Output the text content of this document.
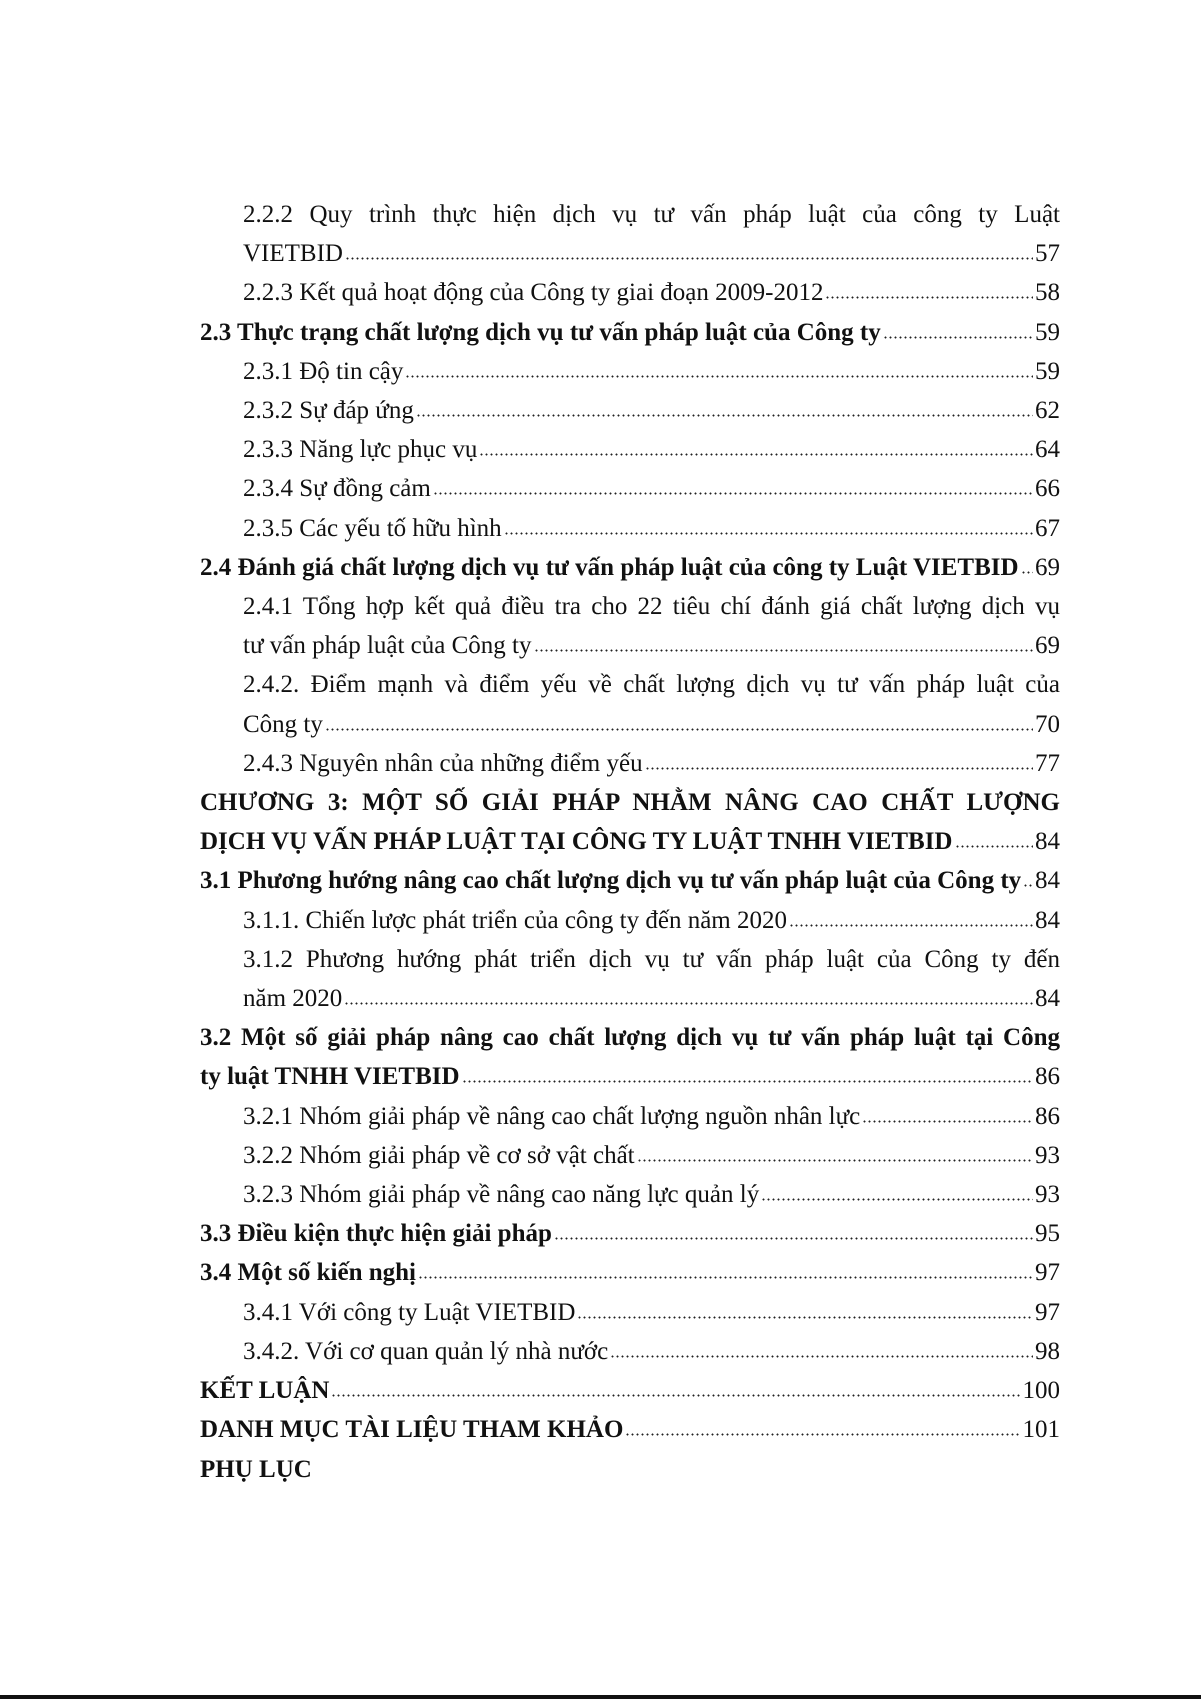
2.2.2 Quy trình thực hiện dịch vụ tư vấn pháp luật của công ty Luật
VIETBID	57
2.2.3 Kết quả hoạt động của Công ty giai đoạn 2009-2012	58
2.3 Thực trạng chất lượng dịch vụ tư vấn pháp luật của Công ty	59
2.3.1 Độ tin cậy	59
2.3.2 Sự đáp ứng	62
2.3.3 Năng lực phục vụ	64
2.3.4 Sự đồng cảm	66
2.3.5 Các yếu tố hữu hình	67
2.4 Đánh giá chất lượng dịch vụ tư vấn pháp luật của công ty Luật VIETBID 69
2.4.1 Tổng hợp kết quả điều tra cho 22 tiêu chí đánh giá chất lượng dịch vụ
tư vấn pháp luật của Công ty	69
2.4.2. Điểm mạnh và điểm yếu về chất lượng dịch vụ tư vấn pháp luật của
Công ty	70
2.4.3 Nguyên nhân của những điểm yếu	77
CHƯƠNG 3: MỘT SỐ GIẢI PHÁP NHẰM NÂNG CAO CHẤT LƯỢNG
DỊCH VỤ VẤN PHÁP LUẬT TẠI CÔNG TY LUẬT TNHH VIETBID	84
3.1 Phương hướng nâng cao chất lượng dịch vụ tư vấn pháp luật của Công ty 84
3.1.1. Chiến lược phát triển của công ty đến năm 2020	84
3.1.2 Phương hướng phát triển dịch vụ tư vấn pháp luật của Công ty đến
năm 2020	84
3.2 Một số giải pháp nâng cao chất lượng dịch vụ tư vấn pháp luật tại Công
ty luật TNHH VIETBID	86
3.2.1 Nhóm giải pháp về nâng cao chất lượng nguồn nhân lực	86
3.2.2 Nhóm giải pháp về cơ sở vật chất	93
3.2.3 Nhóm giải pháp về nâng cao năng lực quản lý	93
3.3 Điều kiện thực hiện giải pháp	95
3.4 Một số kiến nghị	97
3.4.1 Với công ty Luật VIETBID	97
3.4.2. Với cơ quan quản lý nhà nước	98
KẾT LUẬN	100
DANH MỤC TÀI LIỆU THAM KHẢO	101
PHỤ LỤC
